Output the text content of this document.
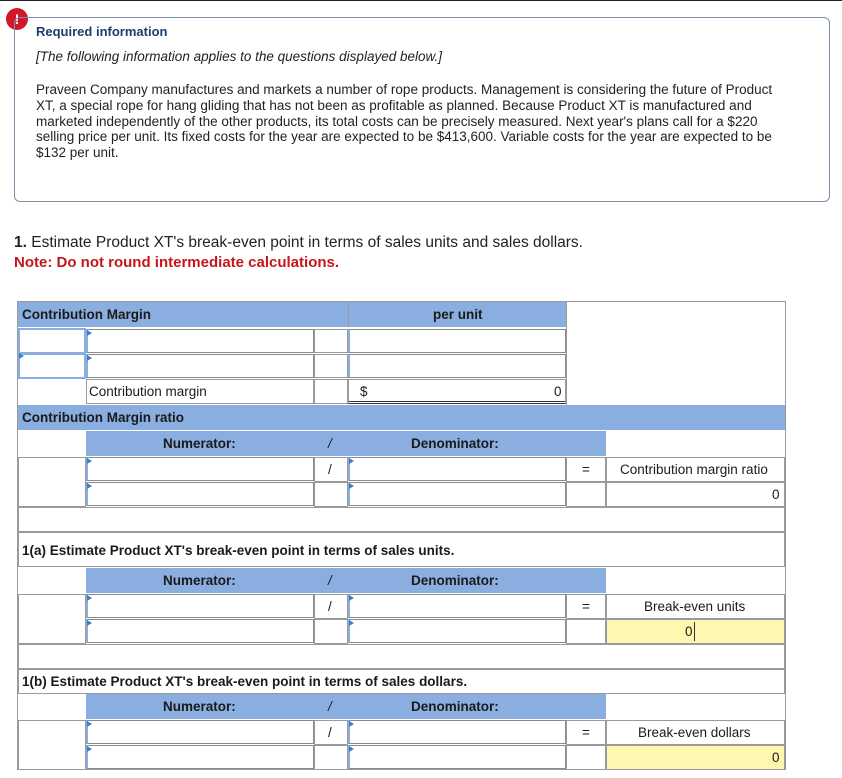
!
Required information
[The following information applies to the questions displayed below.]
Praveen Company manufactures and markets a number of rope products. Management is considering the future of Product XT, a special rope for hang gliding that has not been as profitable as planned. Because Product XT is manufactured and marketed independently of the other products, its total costs can be precisely measured. Next year's plans call for a $220 selling price per unit. Its fixed costs for the year are expected to be $413,600. Variable costs for the year are expected to be $132 per unit.
1. Estimate Product XT's break-even point in terms of sales units and sales dollars.
Note: Do not round intermediate calculations.
Contribution Margin	per unit
Contribution margin	$	0
Contribution Margin ratio
Numerator:	/	Denominator:
/	= Contribution margin ratio
0
1(a) Estimate Product XT's break-even point in terms of sales units.
Numerator:	/	Denominator:
/	=	Break-even units
0
1(b) Estimate Product XT's break-even point in terms of sales dollars.
Numerator:	/	Denominator:
/	=	Break-even dollars
0
